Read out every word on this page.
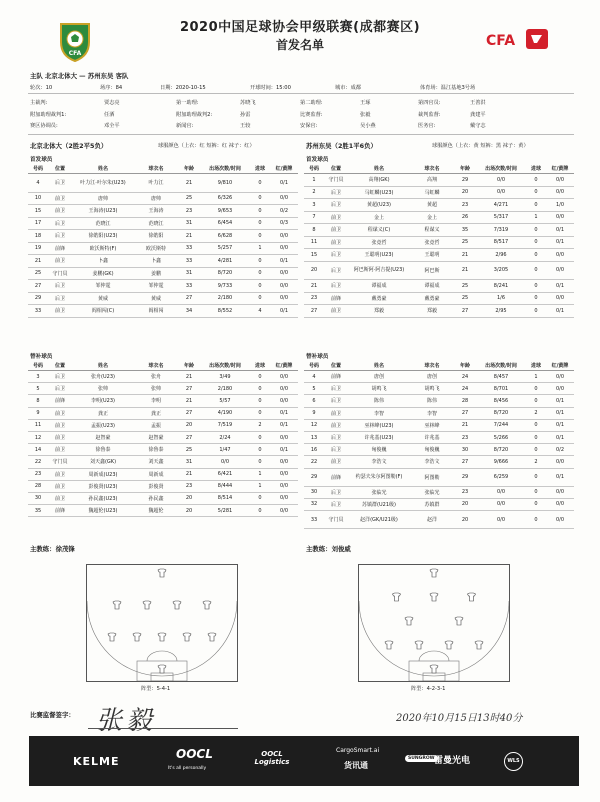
CFA
CFA
2020中国足球协会甲级联赛(成都赛区)
首发名单
主队 北京北体大 — 苏州东吴 客队
轮次：10	场序：84	日期：2020-10-15	开球时间：15:00	城市：成都	体育场：温江基地3号场
主裁判:	贾志亮	第一助理:	苏晓飞	第二助理:	王琢	第四官员:	王善洪
附加助理裁判1:	任洒	附加助理裁判2:	孙雷	比赛监督:	张毅	裁判监督:	龚建平
赛区协调员:	邓全平	新闻官:	王较	安保官:	吴小燕	医务官:	戴守志
北京北体大（2胜2平5负）	球服颜色（上衣：红 短裤：红 袜子：红）	苏州东吴（2胜1平6负）	球服颜色（上衣：黄 短裤：黑 袜子：黄）
首发球员	首发球员
号码	位置	姓名	球衣名	年龄	出场次数/时间	进球	红/黄牌
4	后卫	叶力江·叶尔朱(U23)	叶力江	21	9/810	0	0/1
10	前卫	唐帅	唐帅	25	6/326	0	0/0
15	前卫	王海涛(U23)	王海涛	23	9/653	0	0/2
17	后卫	范晓江	范晓江	31	6/454	0	0/3
18	后卫	徐皓阳(U23)	徐皓阳	21	6/628	0	0/0
19	前锋	欧沃斯特(F)	欧沃斯特	33	5/257	1	0/0
21	前卫	卜鑫	卜鑫	33	4/281	0	0/1
25	守门员	姜鹏(GK)	姜鹏	31	8/720	0	0/0
27	后卫	邹仲霆	邹仲霆	33	9/733	0	0/0
29	后卫	黄威	黄威	27	2/180	0	0/0
33	前卫	阎相闯(C)	阎相闯	34	8/552	4	0/1
号码	位置	姓名	球衣名	年龄	出场次数/时间	进球	红/黄牌
1	守门员	高翔(GK)	高翔	29	0/0	0	0/0
2	后卫	马虹麟(U23)	马虹麟	20	0/0	0	0/0
3	后卫	黄超(U23)	黄超	23	4/271	0	1/0
7	前卫	金上	金上	26	5/317	1	0/0
8	前卫	程谋义(C)	程谋义	35	7/319	0	0/1
11	前卫	张竟哲	张竟哲	25	8/517	0	0/1
15	后卫	王聪明(U23)	王聪明	21	2/96	0	0/0
20	后卫	阿巴斯阿·阿吉提(U23)	阿巴斯	21	3/205	0	0/0
21	后卫	谭福成	谭福成	25	8/241	0	0/1
23	前锋	戴勇豪	戴勇豪	25	1/6	0	0/0
27	前卫	郑毅	郑毅	27	2/95	0	0/1
替补球员	替补球员
号码	位置	姓名	球衣名	年龄	出场次数/时间	进球	红/黄牌
3	后卫	张舟(U23)	张舟	21	3/49	0	0/0
5	后卫	张帅	张帅	27	2/180	0	0/0
8	前锋	李明(U23)	李明	21	5/57	0	0/0
9	前卫	龚正	龚正	27	4/190	0	0/1
11	前卫	孟振(U23)	孟振	20	7/519	2	0/1
12	前卫	赵智豪	赵智豪	27	2/24	0	0/0
14	前卫	徐鲁泰	徐鲁泰	25	1/47	0	0/1
22	守门员	刘天鑫(GK)	刘天鑫	31	0/0	0	0/0
23	前卫	周新成(U23)	周新成	21	6/421	1	0/0
28	前卫	彭俊贤(U23)	彭俊贤	23	8/444	1	0/0
30	前卫	孙民鑫(U23)	孙民鑫	20	8/514	0	0/0
35	前锋	魏超伦(U23)	魏超伦	20	5/281	0	0/0
号码	位置	姓名	球衣名	年龄	出场次数/时间	进球	红/黄牌
4	前锋	唐创	唐创	24	8/457	1	0/0
5	后卫	胡鸣飞	胡鸣飞	24	8/701	0	0/0
6	后卫	陈伟	陈伟	28	8/456	0	0/1
9	前卫	李智	李智	27	8/720	2	0/1
12	前卫	巫林峰(U23)	巫林峰	21	7/244	0	0/1
13	后卫	许兆基(U23)	许兆基	23	5/266	0	0/1
16	后卫	匈俊巍	匈俊巍	30	8/720	0	0/2
22	前卫	李浩文	李浩文	27	9/666	2	0/0
29	前锋	约瑟夫朱尔阿图勒(F)	阿图勒	29	6/259	0	0/1
30	后卫	张临光	张临光	23	0/0	0	0/0
32	后卫	苏镇群(U21级)	苏镇群	20	0/0	0	0/0
33	守门员	赵洋(GK/U21级)	赵洋	20	0/0	0	0/0
主教练：徐茂锋	主教练：刘俊威
阵型：5-4-1	阵型：4-2-3-1
比赛监督签字： 张毅	2020年10月15日13时40分
KELME
OOCL
It's all personally
OOCL Logistics
CargoSmart.ai
货讯通
SUNGROW 雷曼光电	WLS
